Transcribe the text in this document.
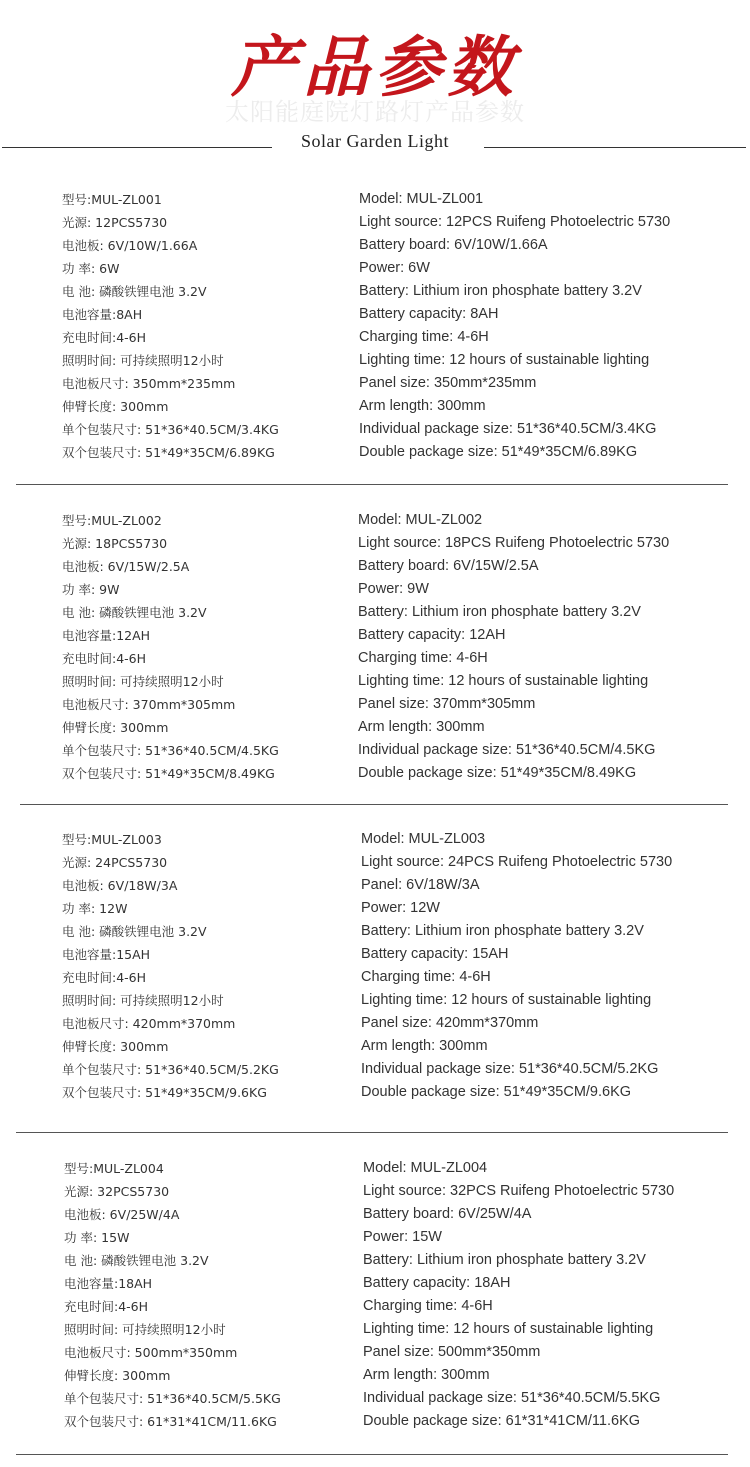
太阳能庭院灯路灯产品参数
产品参数
Solar Garden Light
型号:MUL-ZL001
光源: 12PCS5730
电池板: 6V/10W/1.66A
功 率: 6W
电 池: 磷酸铁锂电池 3.2V
电池容量:8AH
充电时间:4-6H
照明时间: 可持续照明12小时
电池板尺寸: 350mm*235mm
伸臂长度: 300mm
单个包装尺寸: 51*36*40.5CM/3.4KG
双个包装尺寸: 51*49*35CM/6.89KG
Model: MUL-ZL001
Light source: 12PCS Ruifeng Photoelectric 5730
Battery board: 6V/10W/1.66A
Power: 6W
Battery: Lithium iron phosphate battery 3.2V
Battery capacity: 8AH
Charging time: 4-6H
Lighting time: 12 hours of sustainable lighting
Panel size: 350mm*235mm
Arm length: 300mm
Individual package size: 51*36*40.5CM/3.4KG
Double package size: 51*49*35CM/6.89KG
型号:MUL-ZL002
光源: 18PCS5730
电池板: 6V/15W/2.5A
功 率: 9W
电 池: 磷酸铁锂电池 3.2V
电池容量:12AH
充电时间:4-6H
照明时间: 可持续照明12小时
电池板尺寸: 370mm*305mm
伸臂长度: 300mm
单个包装尺寸: 51*36*40.5CM/4.5KG
双个包装尺寸: 51*49*35CM/8.49KG
Model: MUL-ZL002
Light source: 18PCS Ruifeng Photoelectric 5730
Battery board: 6V/15W/2.5A
Power: 9W
Battery: Lithium iron phosphate battery 3.2V
Battery capacity: 12AH
Charging time: 4-6H
Lighting time: 12 hours of sustainable lighting
Panel size: 370mm*305mm
Arm length: 300mm
Individual package size: 51*36*40.5CM/4.5KG
Double package size: 51*49*35CM/8.49KG
型号:MUL-ZL003
光源: 24PCS5730
电池板: 6V/18W/3A
功 率: 12W
电 池: 磷酸铁锂电池 3.2V
电池容量:15AH
充电时间:4-6H
照明时间: 可持续照明12小时
电池板尺寸: 420mm*370mm
伸臂长度: 300mm
单个包装尺寸: 51*36*40.5CM/5.2KG
双个包装尺寸: 51*49*35CM/9.6KG
Model: MUL-ZL003
Light source: 24PCS Ruifeng Photoelectric 5730
Panel: 6V/18W/3A
Power: 12W
Battery: Lithium iron phosphate battery 3.2V
Battery capacity: 15AH
Charging time: 4-6H
Lighting time: 12 hours of sustainable lighting
Panel size: 420mm*370mm
Arm length: 300mm
Individual package size: 51*36*40.5CM/5.2KG
Double package size: 51*49*35CM/9.6KG
型号:MUL-ZL004
光源: 32PCS5730
电池板: 6V/25W/4A
功 率: 15W
电 池: 磷酸铁锂电池 3.2V
电池容量:18AH
充电时间:4-6H
照明时间: 可持续照明12小时
电池板尺寸: 500mm*350mm
伸臂长度: 300mm
单个包装尺寸: 51*36*40.5CM/5.5KG
双个包装尺寸: 61*31*41CM/11.6KG
Model: MUL-ZL004
Light source: 32PCS Ruifeng Photoelectric 5730
Battery board: 6V/25W/4A
Power: 15W
Battery: Lithium iron phosphate battery 3.2V
Battery capacity: 18AH
Charging time: 4-6H
Lighting time: 12 hours of sustainable lighting
Panel size: 500mm*350mm
Arm length: 300mm
Individual package size: 51*36*40.5CM/5.5KG
Double package size: 61*31*41CM/11.6KG
